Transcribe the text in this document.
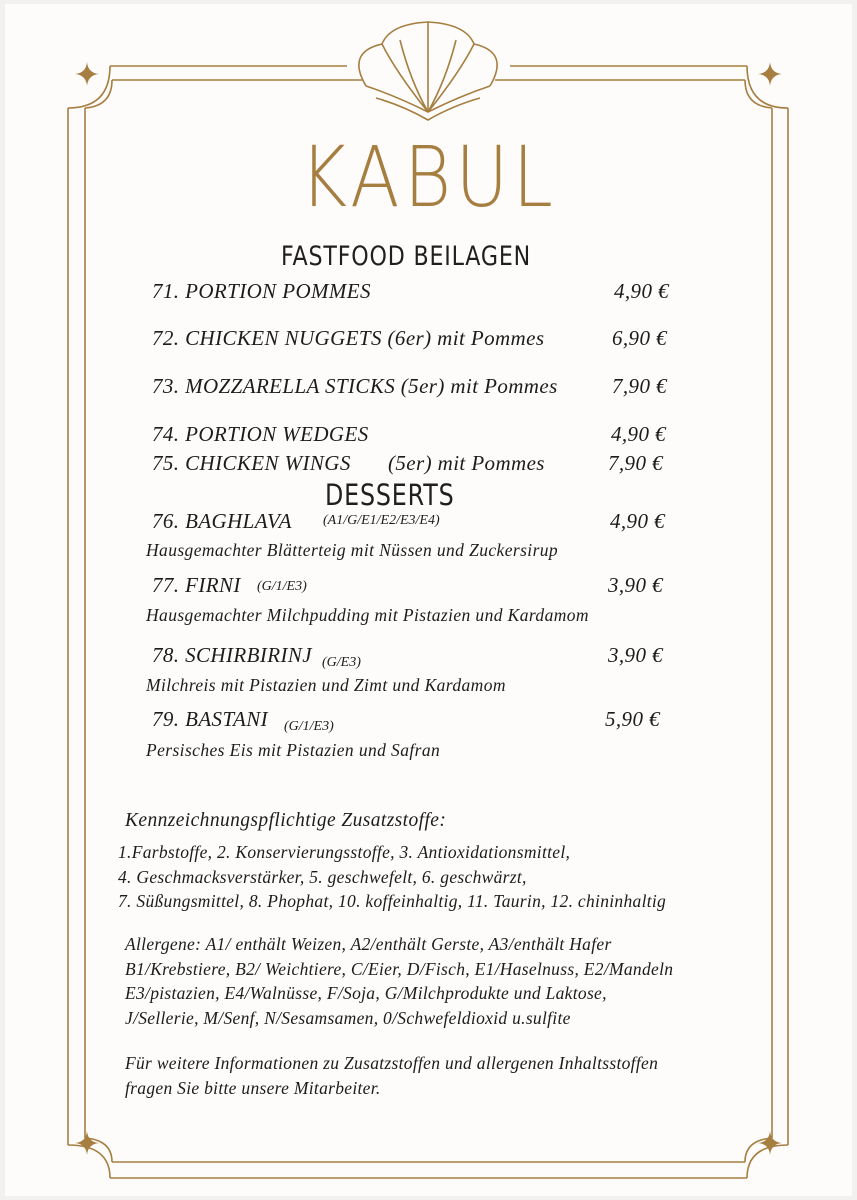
KABUL
FASTFOOD BEILAGEN
71. PORTION POMMES	4,90 €
72. CHICKEN NUGGETS (6er) mit Pommes	6,90 €
73. MOZZARELLA STICKS (5er) mit Pommes	7,90 €
74. PORTION WEDGES	4,90 €
75. CHICKEN WINGS (5er) mit Pommes	7,90 €
DESSERTS
76. BAGHLAVA (A1/G/E1/E2/E3/E4)	4,90 €
Hausgemachter Blätterteig mit Nüssen und Zuckersirup
77. FIRNI (G/1/E3)	3,90 €
Hausgemachter Milchpudding mit Pistazien und Kardamom
78. SCHIRBIRINJ (G/E3)	3,90 €
Milchreis mit Pistazien und Zimt und Kardamom
79. BASTANI (G/1/E3)	5,90 €
Persisches Eis mit Pistazien und Safran
Kennzeichnungspflichtige Zusatzstoffe:
1.Farbstoffe, 2. Konservierungsstoffe, 3. Antioxidationsmittel,
4. Geschmacksverstärker, 5. geschwefelt, 6. geschwärzt,
7. Süßungsmittel, 8. Phophat, 10. koffeinhaltig, 11. Taurin, 12. chininhaltig
Allergene: A1/ enthält Weizen, A2/enthält Gerste, A3/enthält Hafer
B1/Krebstiere, B2/ Weichtiere, C/Eier, D/Fisch, E1/Haselnuss, E2/Mandeln
E3/pistazien, E4/Walnüsse, F/Soja, G/Milchprodukte und Laktose,
J/Sellerie, M/Senf, N/Sesamsamen, 0/Schwefeldioxid u.sulfite
Für weitere Informationen zu Zusatzstoffen und allergenen Inhaltsstoffen
fragen Sie bitte unsere Mitarbeiter.
